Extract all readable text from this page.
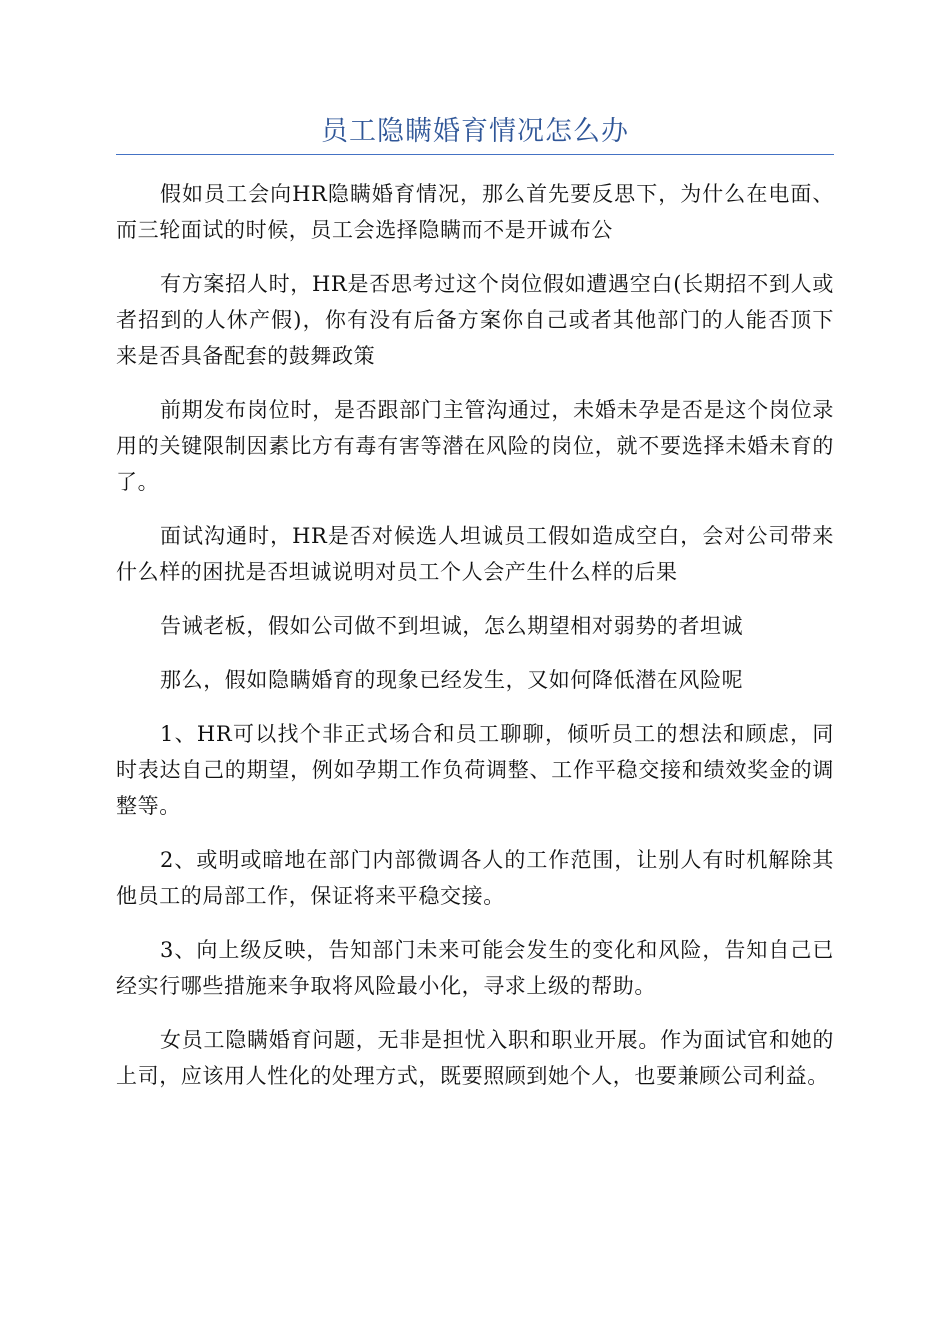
员工隐瞒婚育情况怎么办

假如员工会向HR隐瞒婚育情况，那么首先要反思下，为什么在电面、而三轮面试的时候，员工会选择隐瞒而不是开诚布公

有方案招人时，HR是否思考过这个岗位假如遭遇空白(长期招不到人或者招到的人休产假)，你有没有后备方案你自己或者其他部门的人能否顶下来是否具备配套的鼓舞政策

前期发布岗位时，是否跟部门主管沟通过，未婚未孕是否是这个岗位录用的关键限制因素比方有毒有害等潜在风险的岗位，就不要选择未婚未育的了。

面试沟通时，HR是否对候选人坦诚员工假如造成空白，会对公司带来什么样的困扰是否坦诚说明对员工个人会产生什么样的后果

告诫老板，假如公司做不到坦诚，怎么期望相对弱势的者坦诚

那么，假如隐瞒婚育的现象已经发生，又如何降低潜在风险呢

1、HR可以找个非正式场合和员工聊聊，倾听员工的想法和顾虑，同时表达自己的期望，例如孕期工作负荷调整、工作平稳交接和绩效奖金的调整等。

2、或明或暗地在部门内部微调各人的工作范围，让别人有时机解除其他员工的局部工作，保证将来平稳交接。

3、向上级反映，告知部门未来可能会发生的变化和风险，告知自己已经实行哪些措施来争取将风险最小化，寻求上级的帮助。

女员工隐瞒婚育问题，无非是担忧入职和职业开展。作为面试官和她的上司，应该用人性化的处理方式，既要照顾到她个人，也要兼顾公司利益。
